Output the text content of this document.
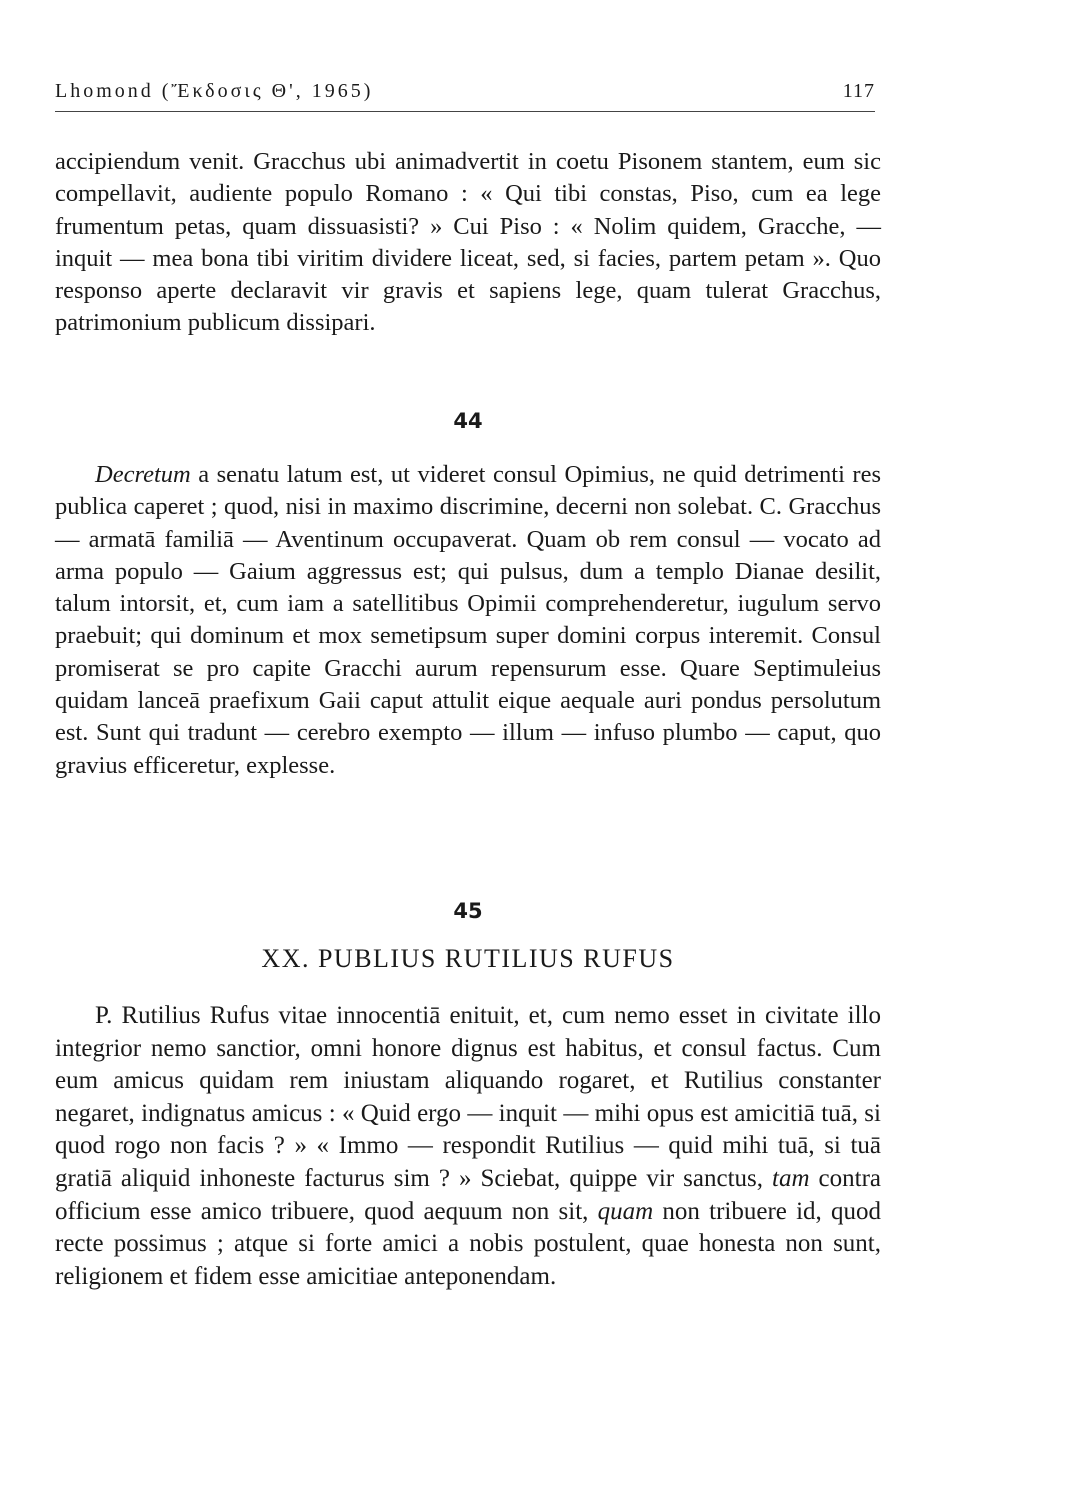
Lhomond (Ἔκδοσις Θ', 1965)	117

accipiendum venit. Gracchus ubi animadvertit in coetu Pisonem stantem, eum sic compellavit, audiente populo Romano : « Qui tibi constas, Piso, cum ea lege frumentum petas, quam dissuasisti? » Cui Piso : « Nolim quidem, Gracche, — inquit — mea bona tibi viritim dividere liceat, sed, si facies, partem petam ». Quo responso aperte declaravit vir gravis et sapiens lege, quam tulerat Gracchus, patrimonium publicum dissipari.

44

Decretum a senatu latum est, ut videret consul Opimius, ne quid detrimenti res publica caperet ; quod, nisi in maximo discrimine, decerni non solebat. C. Gracchus — armatā familiā — Aventinum occupaverat. Quam ob rem consul — vocato ad arma populo — Gaium aggressus est; qui pulsus, dum a templo Dianae desilit, talum intorsit, et, cum iam a satellitibus Opimii comprehenderetur, iugulum servo praebuit; qui dominum et mox semetipsum super domini corpus interemit. Consul promiserat se pro capite Gracchi aurum repensurum esse. Quare Septimuleius quidam lanceā praefixum Gaii caput attulit eique aequale auri pondus persolutum est. Sunt qui tradunt — cerebro exempto — illum — infuso plumbo — caput, quo gravius efficeretur, explesse.

45
XX. PUBLIUS RUTILIUS RUFUS

P. Rutilius Rufus vitae innocentiā enituit, et, cum nemo esset in civitate illo integrior nemo sanctior, omni honore dignus est habitus, et consul factus. Cum eum amicus quidam rem iniustam aliquando rogaret, et Rutilius constanter negaret, indignatus amicus : « Quid ergo — inquit — mihi opus est amicitiā tuā, si quod rogo non facis ? » « Immo — respondit Rutilius — quid mihi tuā, si tuā gratiā aliquid inhoneste facturus sim ? » Sciebat, quippe vir sanctus, tam contra officium esse amico tribuere, quod aequum non sit, quam non tribuere id, quod recte possimus ; atque si forte amici a nobis postulent, quae honesta non sunt, religionem et fidem esse amicitiae anteponendam.
